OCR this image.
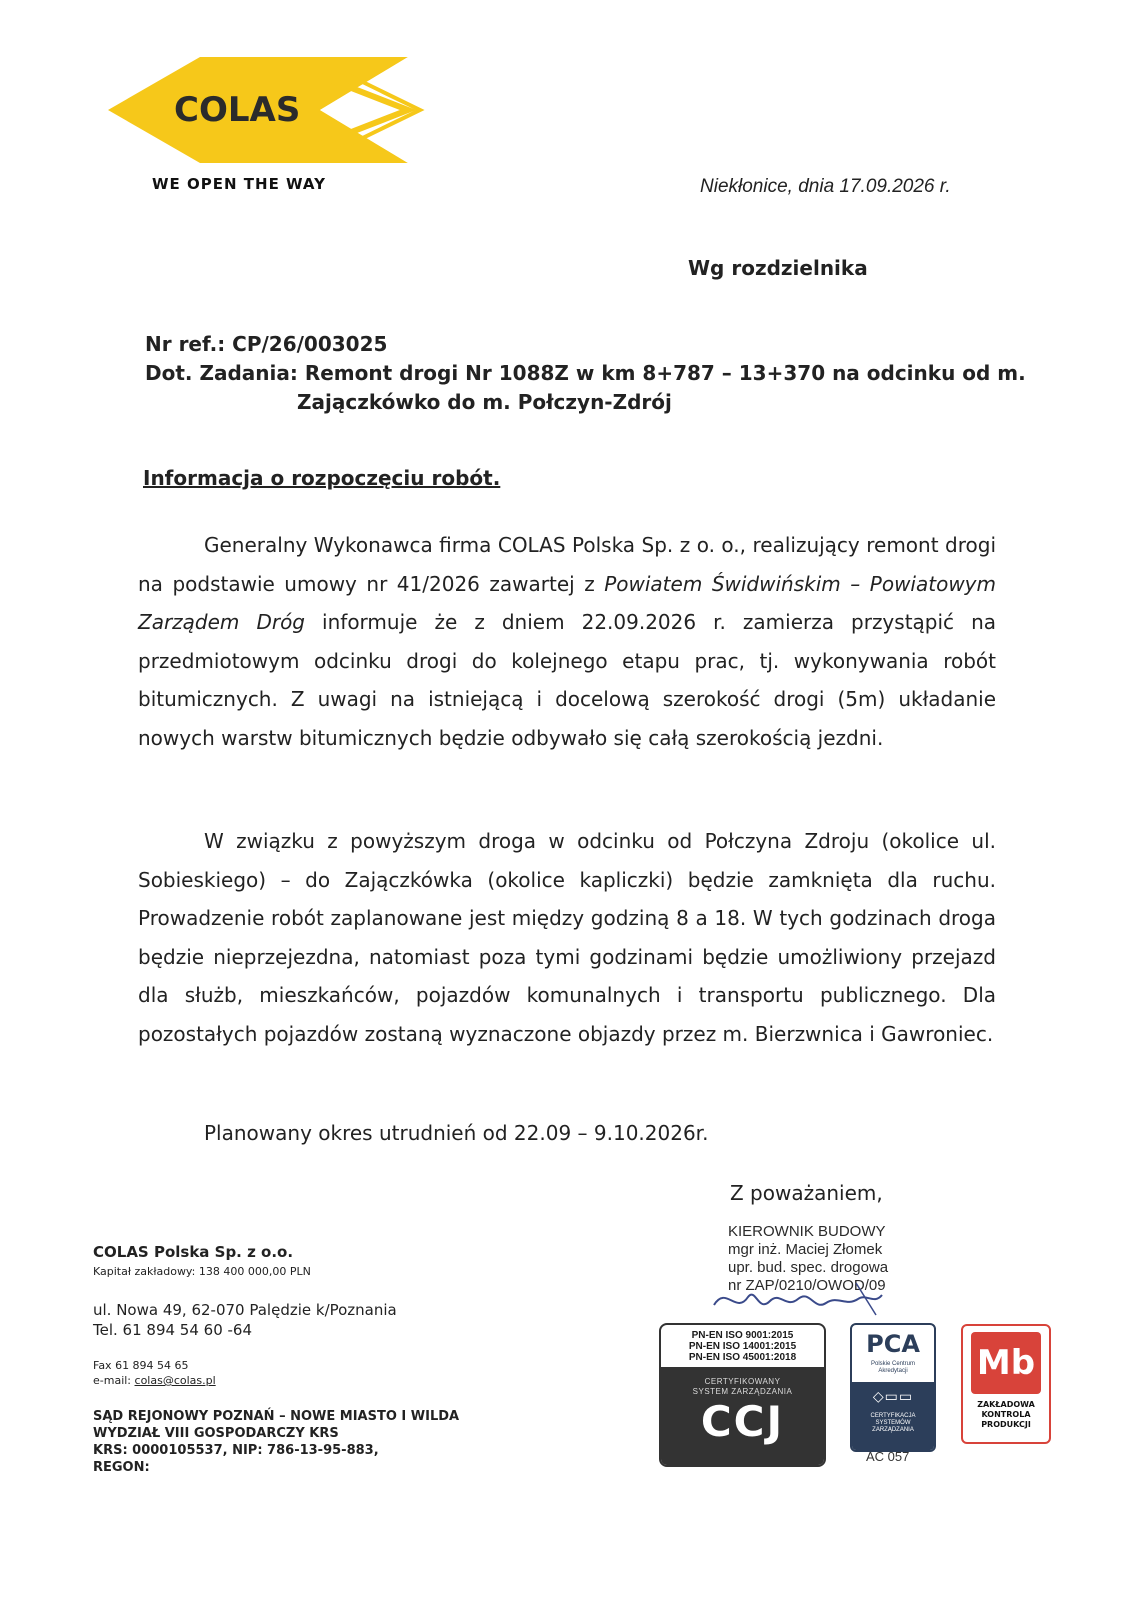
COLAS
WE OPEN THE WAY	Niekłonice, dnia 17.09.2026 r.
Wg rozdzielnika
Nr ref.: CP/26/003025
Dot. Zadania: Remont drogi Nr 1088Z w km 8+787 – 13+370 na odcinku od m.
Zajączkówko do m. Połczyn-Zdrój
Informacja o rozpoczęciu robót.
Generalny Wykonawca firma COLAS Polska Sp. z o. o., realizujący remont drogi na podstawie umowy nr 41/2026 zawartej z Powiatem Świdwińskim – Powiatowym Zarządem Dróg informuje że z dniem 22.09.2026 r. zamierza przystąpić na przedmiotowym odcinku drogi do kolejnego etapu prac, tj. wykonywania robót bitumicznych. Z uwagi na istniejącą i docelową szerokość drogi (5m) układanie nowych warstw bitumicznych będzie odbywało się całą szerokością jezdni.
W związku z powyższym droga w odcinku od Połczyna Zdroju (okolice ul. Sobieskiego) – do Zajączkówka (okolice kapliczki) będzie zamknięta dla ruchu. Prowadzenie robót zaplanowane jest między godziną 8 a 18. W tych godzinach droga będzie nieprzejezdna, natomiast poza tymi godzinami będzie umożliwiony przejazd dla służb, mieszkańców, pojazdów komunalnych i transportu publicznego. Dla pozostałych pojazdów zostaną wyznaczone objazdy przez m. Bierzwnica i Gawroniec.
Planowany okres utrudnień od 22.09 – 9.10.2026r.
Z poważaniem,
KIEROWNIK BUDOWY
mgr inż. Maciej Złomek
upr. bud. spec. drogowa
nr ZAP/0210/OWOD/09
COLAS Polska Sp. z o.o.
Kapitał zakładowy: 138 400 000,00 PLN
ul. Nowa 49, 62-070 Palędzie k/Poznania
Tel. 61 894 54 60 -64
Fax 61 894 54 65
e-mail: colas@colas.pl
SĄD REJONOWY POZNAŃ – NOWE MIASTO I WILDA
WYDZIAŁ VIII GOSPODARCZY KRS
KRS: 0000105537, NIP: 786-13-95-883,
REGON:
PN-EN ISO 9001:2015
PN-EN ISO 14001:2015
PN-EN ISO 45001:2018
CERTYFIKOWANY
SYSTEM ZARZĄDZANIA
CCJ
PCA
Polskie Centrum
Akredytacji
◇▭▭
CERTYFIKACJA
SYSTEMÓW
ZARZĄDZANIA
AC 057
Mb
ZAKŁADOWA
KONTROLA
PRODUKCJI
